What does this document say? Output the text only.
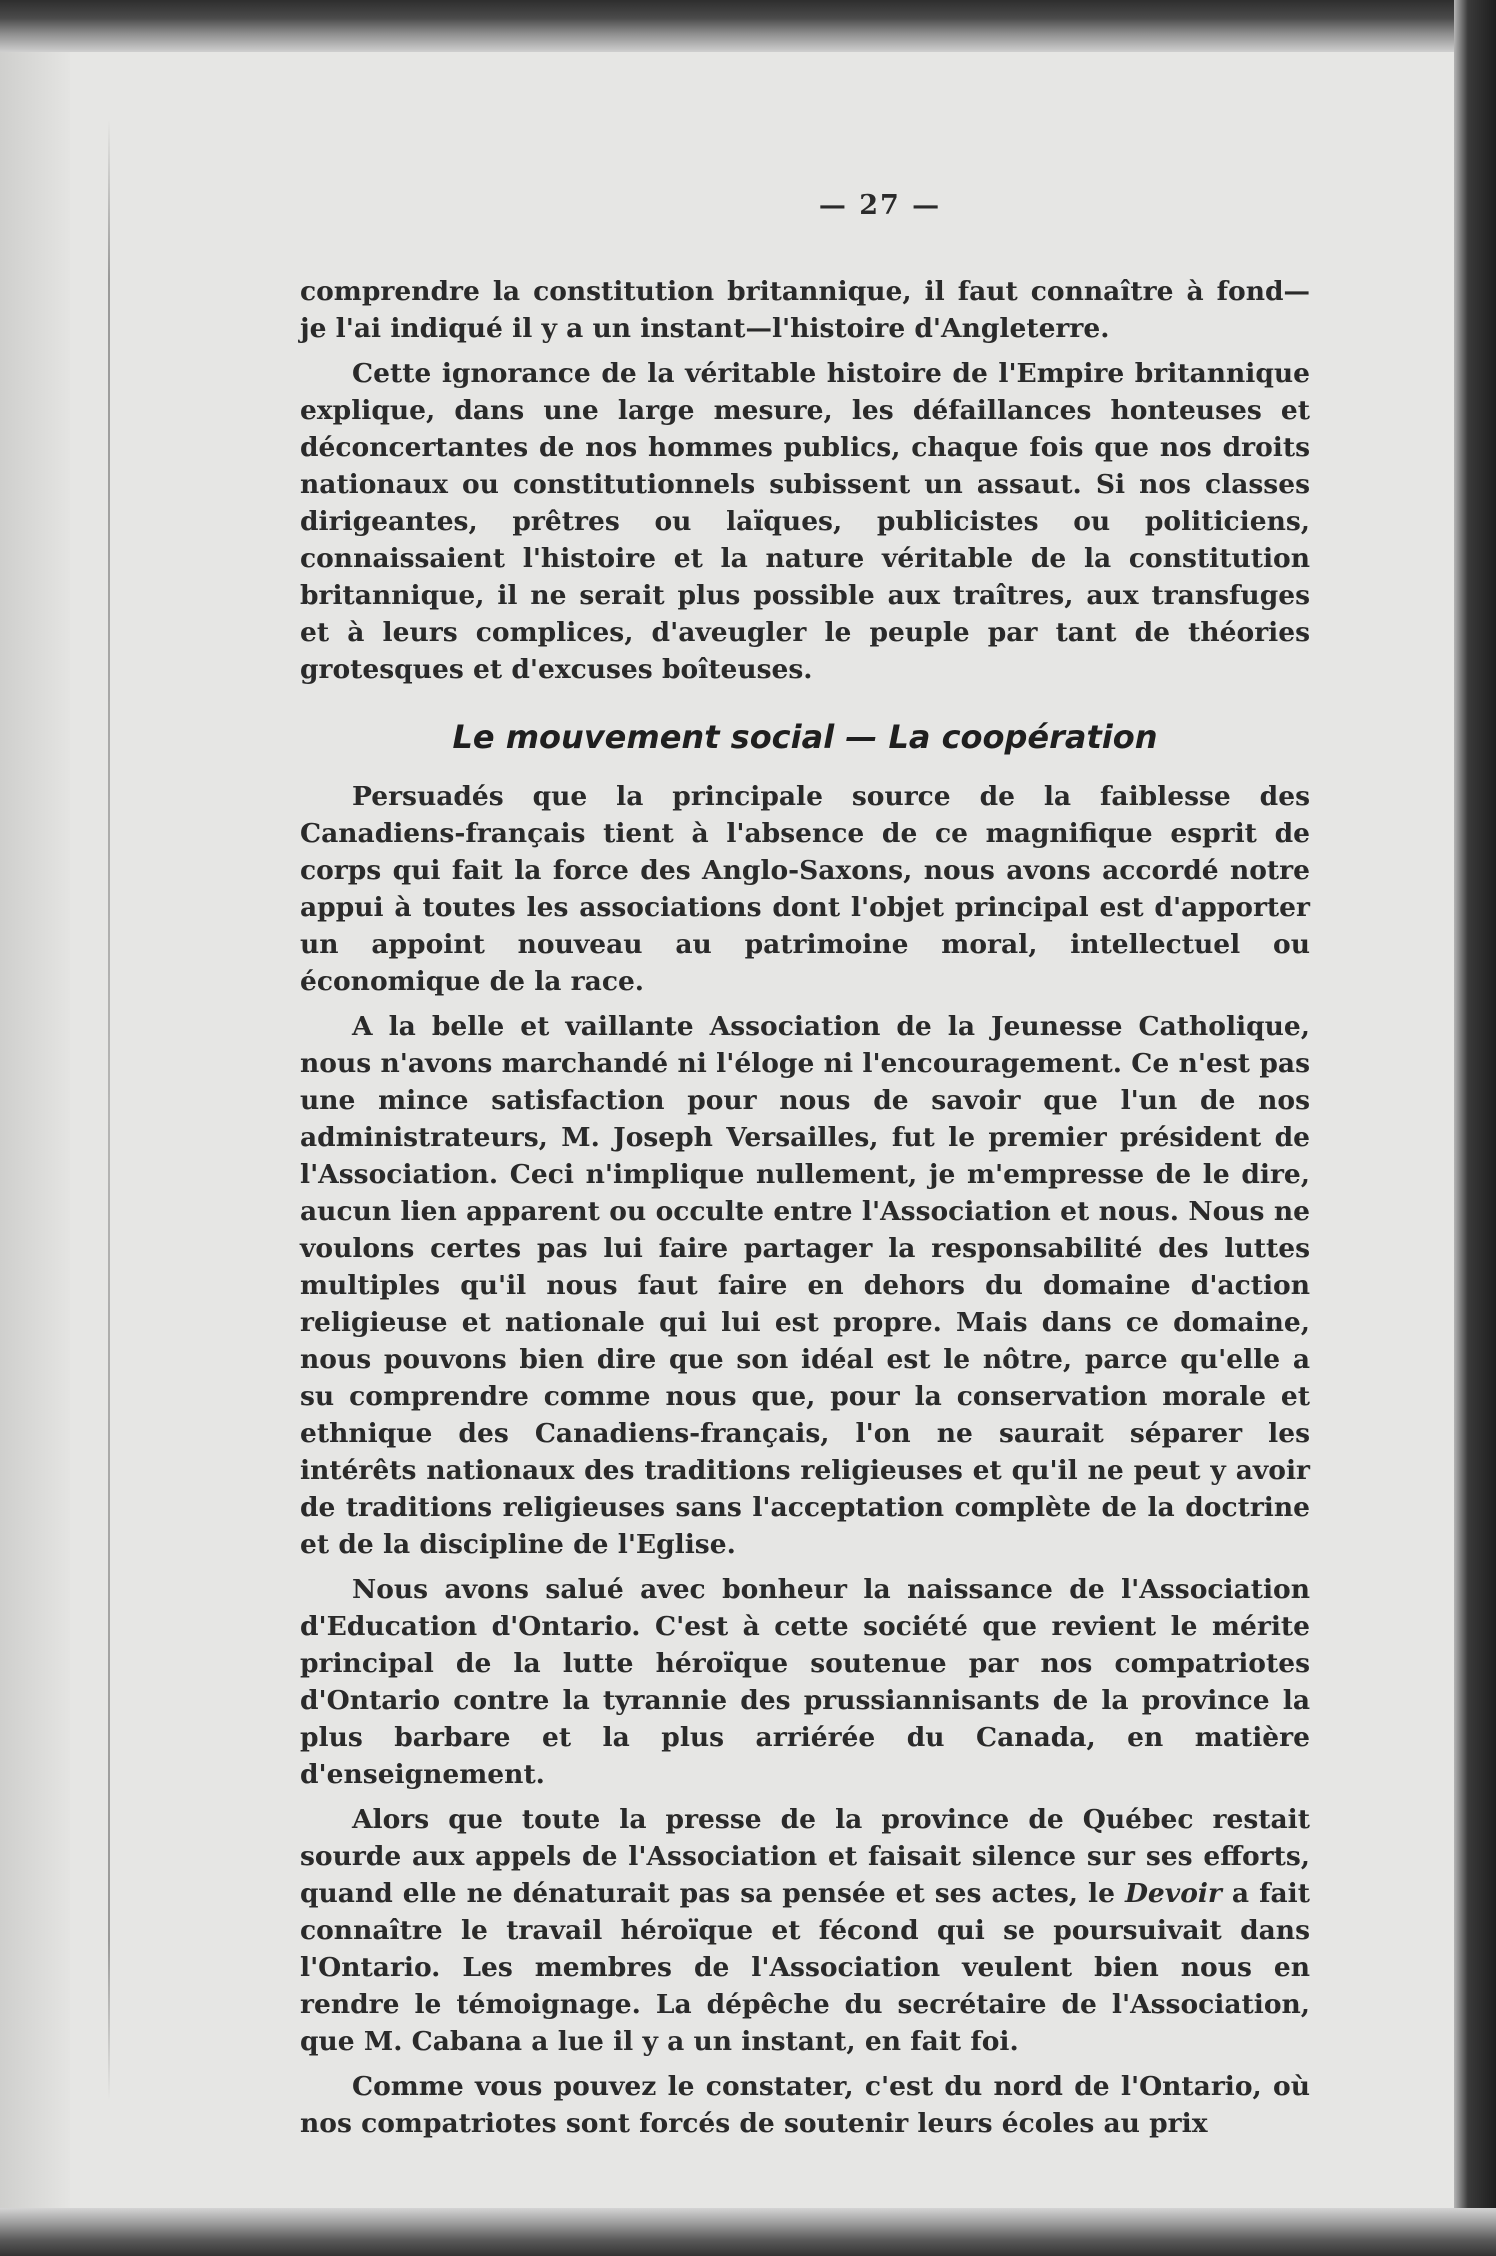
— 27 —

comprendre la constitution britannique, il faut connaître à fond— je l'ai indiqué il y a un instant—l'histoire d'Angleterre.

Cette ignorance de la véritable histoire de l'Empire britannique explique, dans une large mesure, les défaillances honteuses et déconcertantes de nos hommes publics, chaque fois que nos droits nationaux ou constitutionnels subissent un assaut. Si nos classes dirigeantes, prêtres ou laïques, publicistes ou politiciens, connaissaient l'histoire et la nature véritable de la constitution britannique, il ne serait plus possible aux traîtres, aux transfuges et à leurs complices, d'aveugler le peuple par tant de théories grotesques et d'excuses boîteuses.

Le mouvement social — La coopération

Persuadés que la principale source de la faiblesse des Canadiens-français tient à l'absence de ce magnifique esprit de corps qui fait la force des Anglo-Saxons, nous avons accordé notre appui à toutes les associations dont l'objet principal est d'apporter un appoint nouveau au patrimoine moral, intellectuel ou économique de la race.

A la belle et vaillante Association de la Jeunesse Catholique, nous n'avons marchandé ni l'éloge ni l'encouragement. Ce n'est pas une mince satisfaction pour nous de savoir que l'un de nos administrateurs, M. Joseph Versailles, fut le premier président de l'Association. Ceci n'implique nullement, je m'empresse de le dire, aucun lien apparent ou occulte entre l'Association et nous. Nous ne voulons certes pas lui faire partager la responsabilité des luttes multiples qu'il nous faut faire en dehors du domaine d'action religieuse et nationale qui lui est propre. Mais dans ce domaine, nous pouvons bien dire que son idéal est le nôtre, parce qu'elle a su comprendre comme nous que, pour la conservation morale et ethnique des Canadiens-français, l'on ne saurait séparer les intérêts nationaux des traditions religieuses et qu'il ne peut y avoir de traditions religieuses sans l'acceptation complète de la doctrine et de la discipline de l'Eglise.

Nous avons salué avec bonheur la naissance de l'Association d'Education d'Ontario. C'est à cette société que revient le mérite principal de la lutte héroïque soutenue par nos compatriotes d'Ontario contre la tyrannie des prussiannisants de la province la plus barbare et la plus arriérée du Canada, en matière d'enseignement.

Alors que toute la presse de la province de Québec restait sourde aux appels de l'Association et faisait silence sur ses efforts, quand elle ne dénaturait pas sa pensée et ses actes, le Devoir a fait connaître le travail héroïque et fécond qui se poursuivait dans l'Ontario. Les membres de l'Association veulent bien nous en rendre le témoignage. La dépêche du secrétaire de l'Association, que M. Cabana a lue il y a un instant, en fait foi.

Comme vous pouvez le constater, c'est du nord de l'Ontario, où nos compatriotes sont forcés de soutenir leurs écoles au prix
